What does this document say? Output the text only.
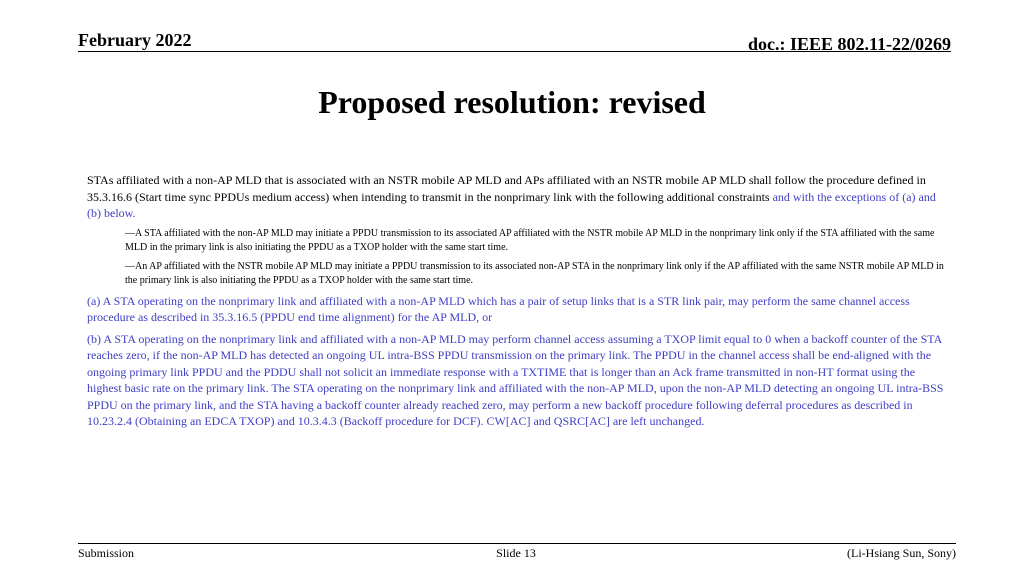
February 2022	doc.: IEEE 802.11-22/0269
Proposed resolution: revised

STAs affiliated with a non-AP MLD that is associated with an NSTR mobile AP MLD and APs affiliated with an NSTR mobile AP MLD shall follow the procedure defined in 35.3.16.6 (Start time sync PPDUs medium access) when intending to transmit in the nonprimary link with the following additional constraints and with the exceptions of (a) and (b) below.

—A STA affiliated with the non-AP MLD may initiate a PPDU transmission to its associated AP affiliated with the NSTR mobile AP MLD in the nonprimary link only if the STA affiliated with the same MLD in the primary link is also initiating the PPDU as a TXOP holder with the same start time.

—An AP affiliated with the NSTR mobile AP MLD may initiate a PPDU transmission to its associated non-AP STA in the nonprimary link only if the AP affiliated with the same NSTR mobile AP MLD in the primary link is also initiating the PPDU as a TXOP holder with the same start time.

(a) A STA operating on the nonprimary link and affiliated with a non-AP MLD which has a pair of setup links that is a STR link pair, may perform the same channel access procedure as described in 35.3.16.5 (PPDU end time alignment) for the AP MLD, or

(b) A STA operating on the nonprimary link and affiliated with a non-AP MLD may perform channel access assuming a TXOP limit equal to 0 when a backoff counter of the STA reaches zero, if the non-AP MLD has detected an ongoing UL intra-BSS PPDU transmission on the primary link. The PPDU in the channel access shall be end-aligned with the ongoing primary link PPDU and the PDDU shall not solicit an immediate response with a TXTIME that is longer than an Ack frame transmitted in non-HT format using the highest basic rate on the primary link. The STA operating on the nonprimary link and affiliated with the non-AP MLD, upon the non-AP MLD detecting an ongoing UL intra-BSS PPDU on the primary link, and the STA having a backoff counter already reached zero, may perform a new backoff procedure following deferral procedures as described in 10.23.2.4 (Obtaining an EDCA TXOP) and 10.3.4.3 (Backoff procedure for DCF). CW[AC] and QSRC[AC] are left unchanged.

Submission	Slide 13	(Li-Hsiang Sun, Sony)
